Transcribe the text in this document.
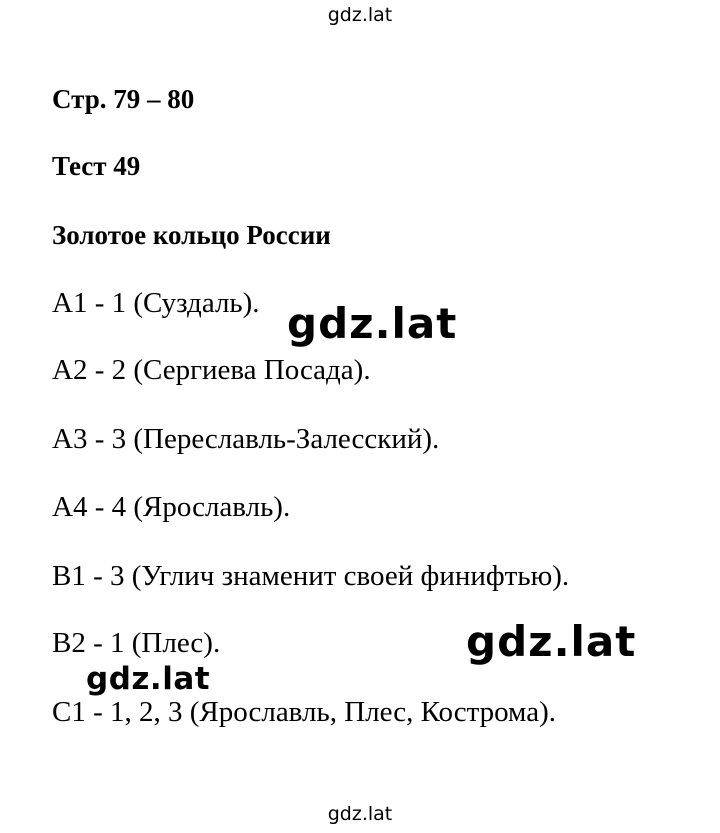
gdz.lat
Стр. 79 – 80
Тест 49
Золотое кольцо России
А1 - 1 (Суздаль).
А2 - 2 (Сергиева Посада).
А3 - 3 (Переславль-Залесский).
А4 - 4 (Ярославль).
В1 - 3 (Углич знаменит своей финифтью).
В2 - 1 (Плес).
С1 - 1, 2, 3 (Ярославль, Плес, Кострома).
gdz.lat
gdz.lat
gdz.lat
gdz.lat
